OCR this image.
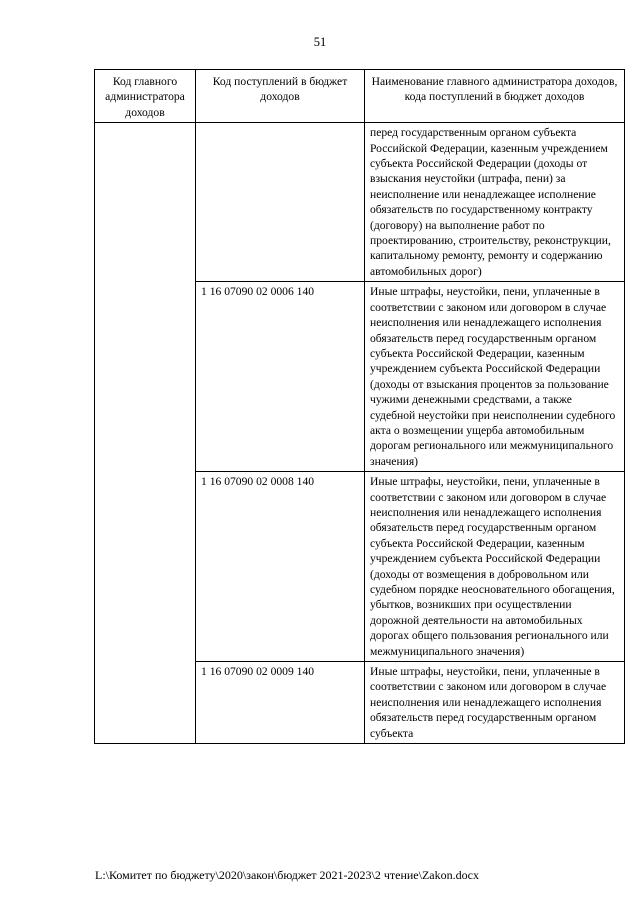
51
Код главного администратора доходов	Код поступлений в бюджет доходов	Наименование главного администратора доходов, кода поступлений в бюджет доходов
		перед государственным органом субъекта Российской Федерации, казенным учреждением субъекта Российской Федерации (доходы от взыскания неустойки (штрафа, пени) за неисполнение или ненадлежащее исполнение обязательств по государственному контракту (договору) на выполнение работ по проектированию, строительству, реконструкции, капитальному ремонту, ремонту и содержанию автомобильных дорог)
	1 16 07090 02 0006 140	Иные штрафы, неустойки, пени, уплаченные в соответствии с законом или договором в случае неисполнения или ненадлежащего исполнения обязательств перед государственным органом субъекта Российской Федерации, казенным учреждением субъекта Российской Федерации (доходы от взыскания процентов за пользование чужими денежными средствами, а также судебной неустойки при неисполнении судебного акта о возмещении ущерба автомобильным дорогам регионального или межмуниципального значения)
	1 16 07090 02 0008 140	Иные штрафы, неустойки, пени, уплаченные в соответствии с законом или договором в случае неисполнения или ненадлежащего исполнения обязательств перед государственным органом субъекта Российской Федерации, казенным учреждением субъекта Российской Федерации (доходы от возмещения в добровольном или судебном порядке неосновательного обогащения, убытков, возникших при осуществлении дорожной деятельности на автомобильных дорогах общего пользования регионального или межмуниципального значения)
	1 16 07090 02 0009 140	Иные штрафы, неустойки, пени, уплаченные в соответствии с законом или договором в случае неисполнения или ненадлежащего исполнения обязательств перед государственным органом субъекта
L:\Комитет по бюджету\2020\закон\бюджет 2021-2023\2 чтение\Zakon.docx
